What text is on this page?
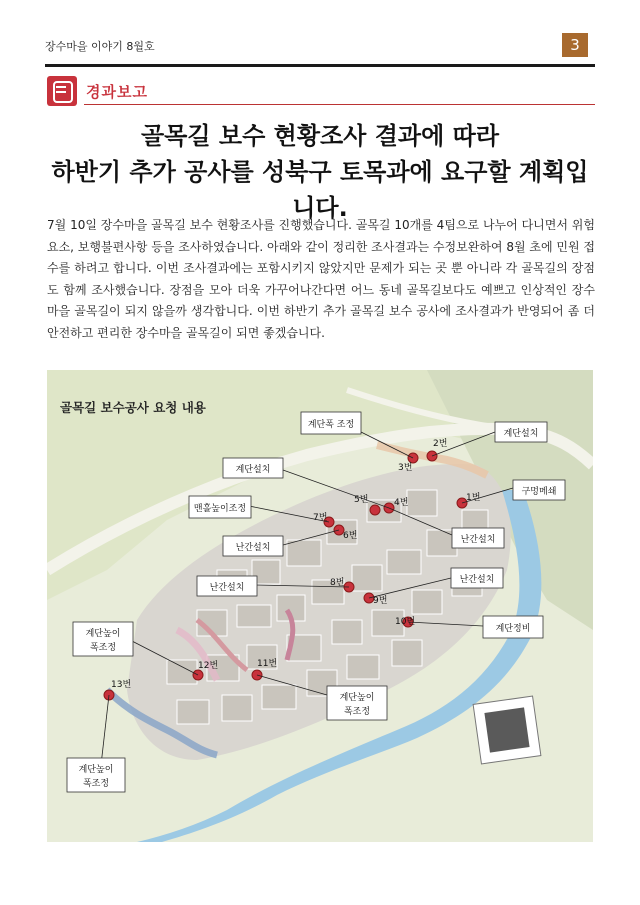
장수마을 이야기 8월호	3
경과보고
골목길 보수 현황조사 결과에 따라
하반기 추가 공사를 성북구 토목과에 요구할 계획입니다.
7월 10일 장수마을 골목길 보수 현황조사를 진행했습니다. 골목길 10개를 4팀으로 나누어 다니면서 위험요소, 보행불편사항 등을 조사하였습니다. 아래와 같이 정리한 조사결과는 수정보완하여 8월 초에 민원 접수를 하려고 합니다. 이번 조사결과에는 포함시키지 않았지만 문제가 되는 곳 뿐 아니라 각 골목길의 장점도 함께 조사했습니다. 장점을 모아 더욱 가꾸어나간다면 어느 동네 골목길보다도 예쁘고 인상적인 장수마을 골목길이 되지 않을까 생각합니다. 이번 하반기 추가 골목길 보수 공사에 조사결과가 반영되어 좀 더 안전하고 편리한 장수마을 골목길이 되면 좋겠습니다.
1번
2번
3번
4번
5번
6번
7번
8번
9번
10번
11번
12번
13번
계단폭 조정
계단설치
계단설치
구멍메쇄
맨홀높이조정
난간설치
난간설치
난간설치
난간설치
계단정비
계단높이
폭조정
계단높이
폭조정
계단높이
폭조정
골목길 보수공사 요청 내용
